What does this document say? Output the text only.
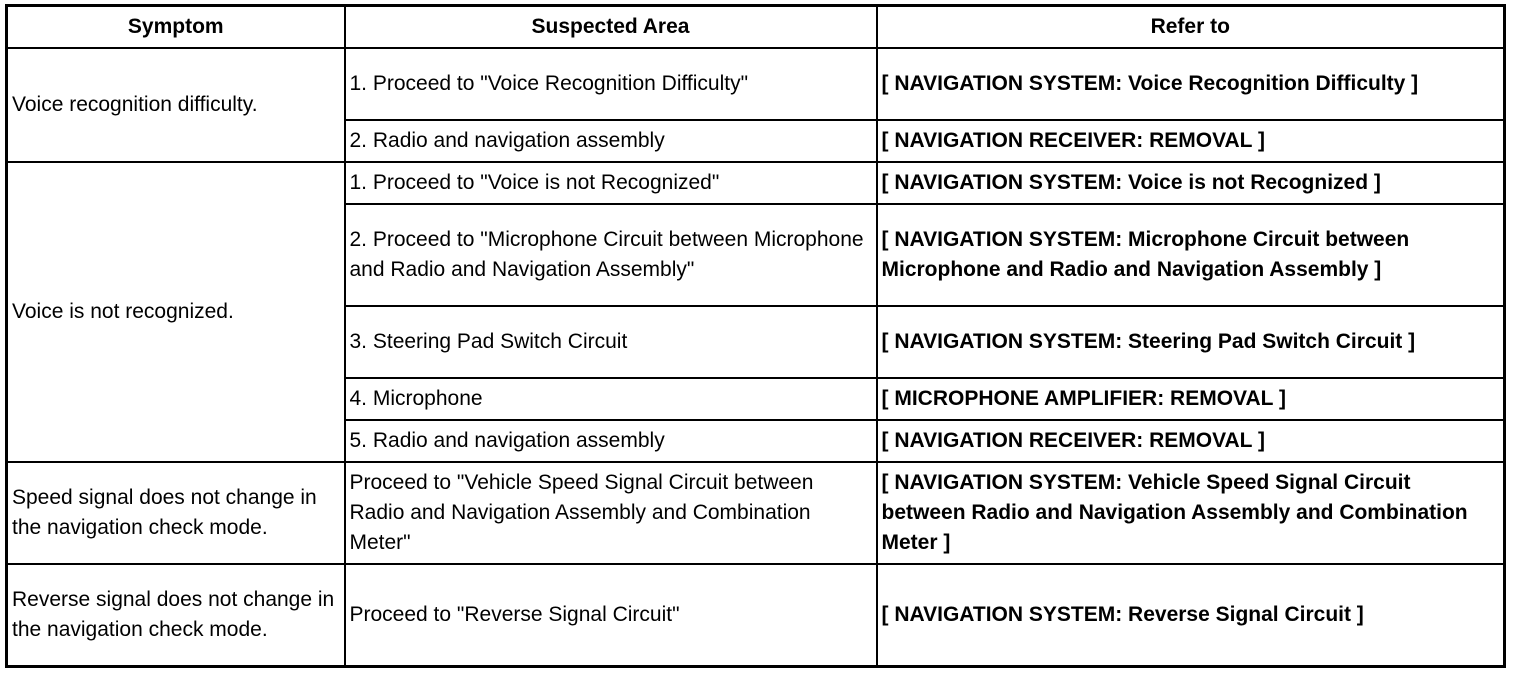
Symptom	Suspected Area	Refer to
Voice recognition difficulty.	1. Proceed to "Voice Recognition Difficulty"	[ NAVIGATION SYSTEM: Voice Recognition Difficulty ]
	2. Radio and navigation assembly	[ NAVIGATION RECEIVER: REMOVAL ]
Voice is not recognized.	1. Proceed to "Voice is not Recognized"	[ NAVIGATION SYSTEM: Voice is not Recognized ]
	2. Proceed to "Microphone Circuit between Microphone and Radio and Navigation Assembly"	[ NAVIGATION SYSTEM: Microphone Circuit between Microphone and Radio and Navigation Assembly ]
	3. Steering Pad Switch Circuit	[ NAVIGATION SYSTEM: Steering Pad Switch Circuit ]
	4. Microphone	[ MICROPHONE AMPLIFIER: REMOVAL ]
	5. Radio and navigation assembly	[ NAVIGATION RECEIVER: REMOVAL ]
Speed signal does not change in the navigation check mode.	Proceed to "Vehicle Speed Signal Circuit between Radio and Navigation Assembly and Combination Meter"	[ NAVIGATION SYSTEM: Vehicle Speed Signal Circuit between Radio and Navigation Assembly and Combination Meter ]
Reverse signal does not change in the navigation check mode.	Proceed to "Reverse Signal Circuit"	[ NAVIGATION SYSTEM: Reverse Signal Circuit ]
